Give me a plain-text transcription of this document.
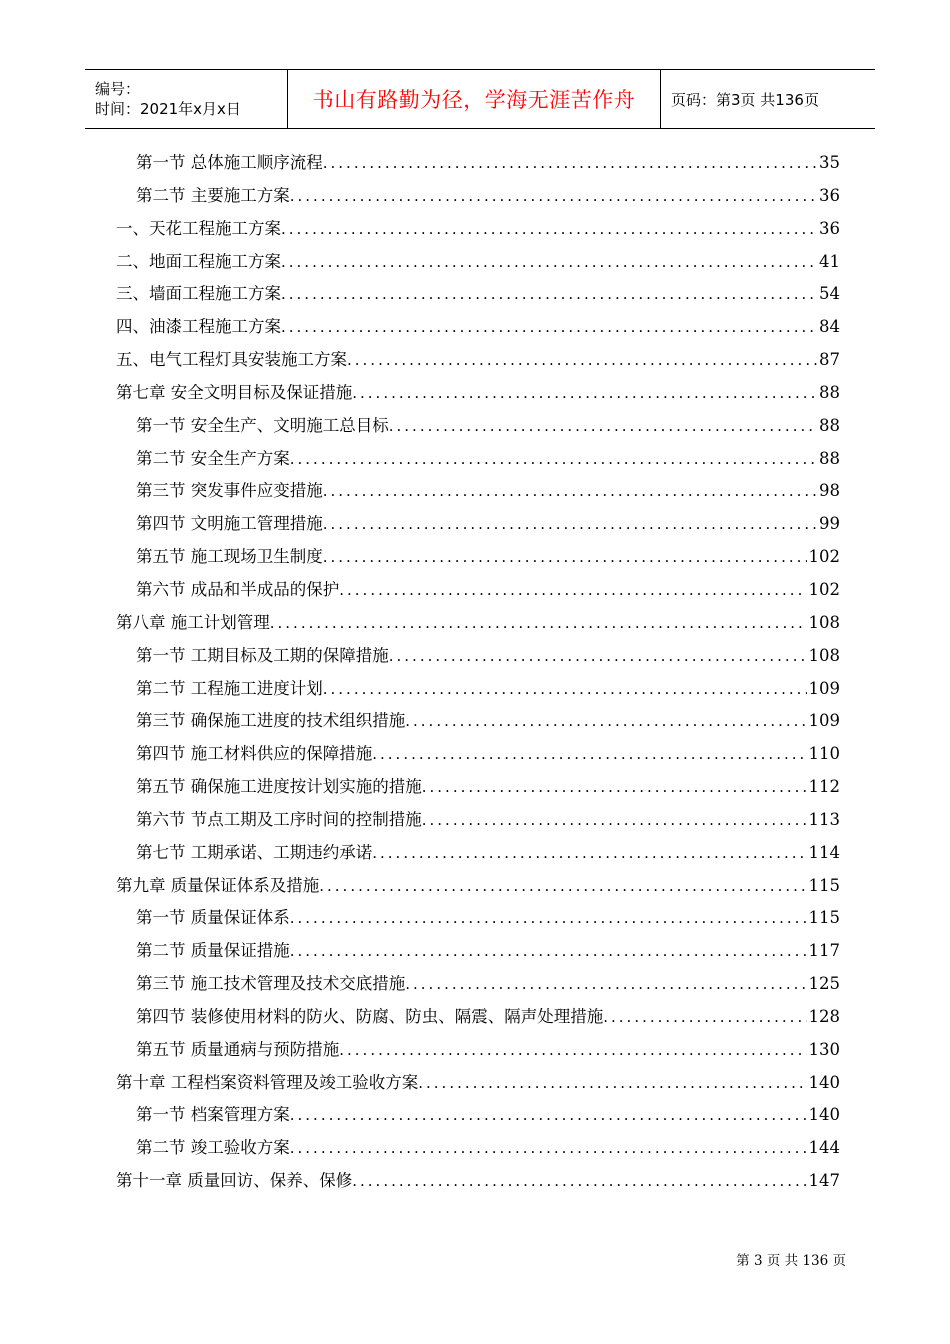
编号：
时间：2021年x月x日	书山有路勤为径，学海无涯苦作舟 页码：第3页 共136页
第一节 总体施工顺序流程 .....	35
第二节 主要施工方案 .....	36
一、天花工程施工方案 .....	36
二、地面工程施工方案 .....	41
三、墙面工程施工方案 .....	54
四、油漆工程施工方案 .....	84
五、电气工程灯具安装施工方案 .....	87
第七章 安全文明目标及保证措施 .....	88
第一节 安全生产、文明施工总目标 .....	88
第二节 安全生产方案 .....	88
第三节 突发事件应变措施 .....	98
第四节 文明施工管理措施 .....	99
第五节 施工现场卫生制度 .....	102
第六节 成品和半成品的保护 .....	102
第八章 施工计划管理 .....	108
第一节 工期目标及工期的保障措施 .....	108
第二节 工程施工进度计划 .....	109
第三节 确保施工进度的技术组织措施 .....	109
第四节 施工材料供应的保障措施 .....	110
第五节 确保施工进度按计划实施的措施 .....	112
第六节 节点工期及工序时间的控制措施 .....	113
第七节 工期承诺、工期违约承诺 .....	114
第九章 质量保证体系及措施 .....	115
第一节 质量保证体系 .....	115
第二节 质量保证措施 .....	117
第三节 施工技术管理及技术交底措施 .....	125
第四节 装修使用材料的防火、防腐、防虫、隔震、隔声处理措施 .....	128
第五节 质量通病与预防措施 .....	130
第十章 工程档案资料管理及竣工验收方案 .....	140
第一节 档案管理方案 .....	140
第二节 竣工验收方案 .....	144
第十一章 质量回访、保养、保修 .....	147
第 3 页 共 136 页
